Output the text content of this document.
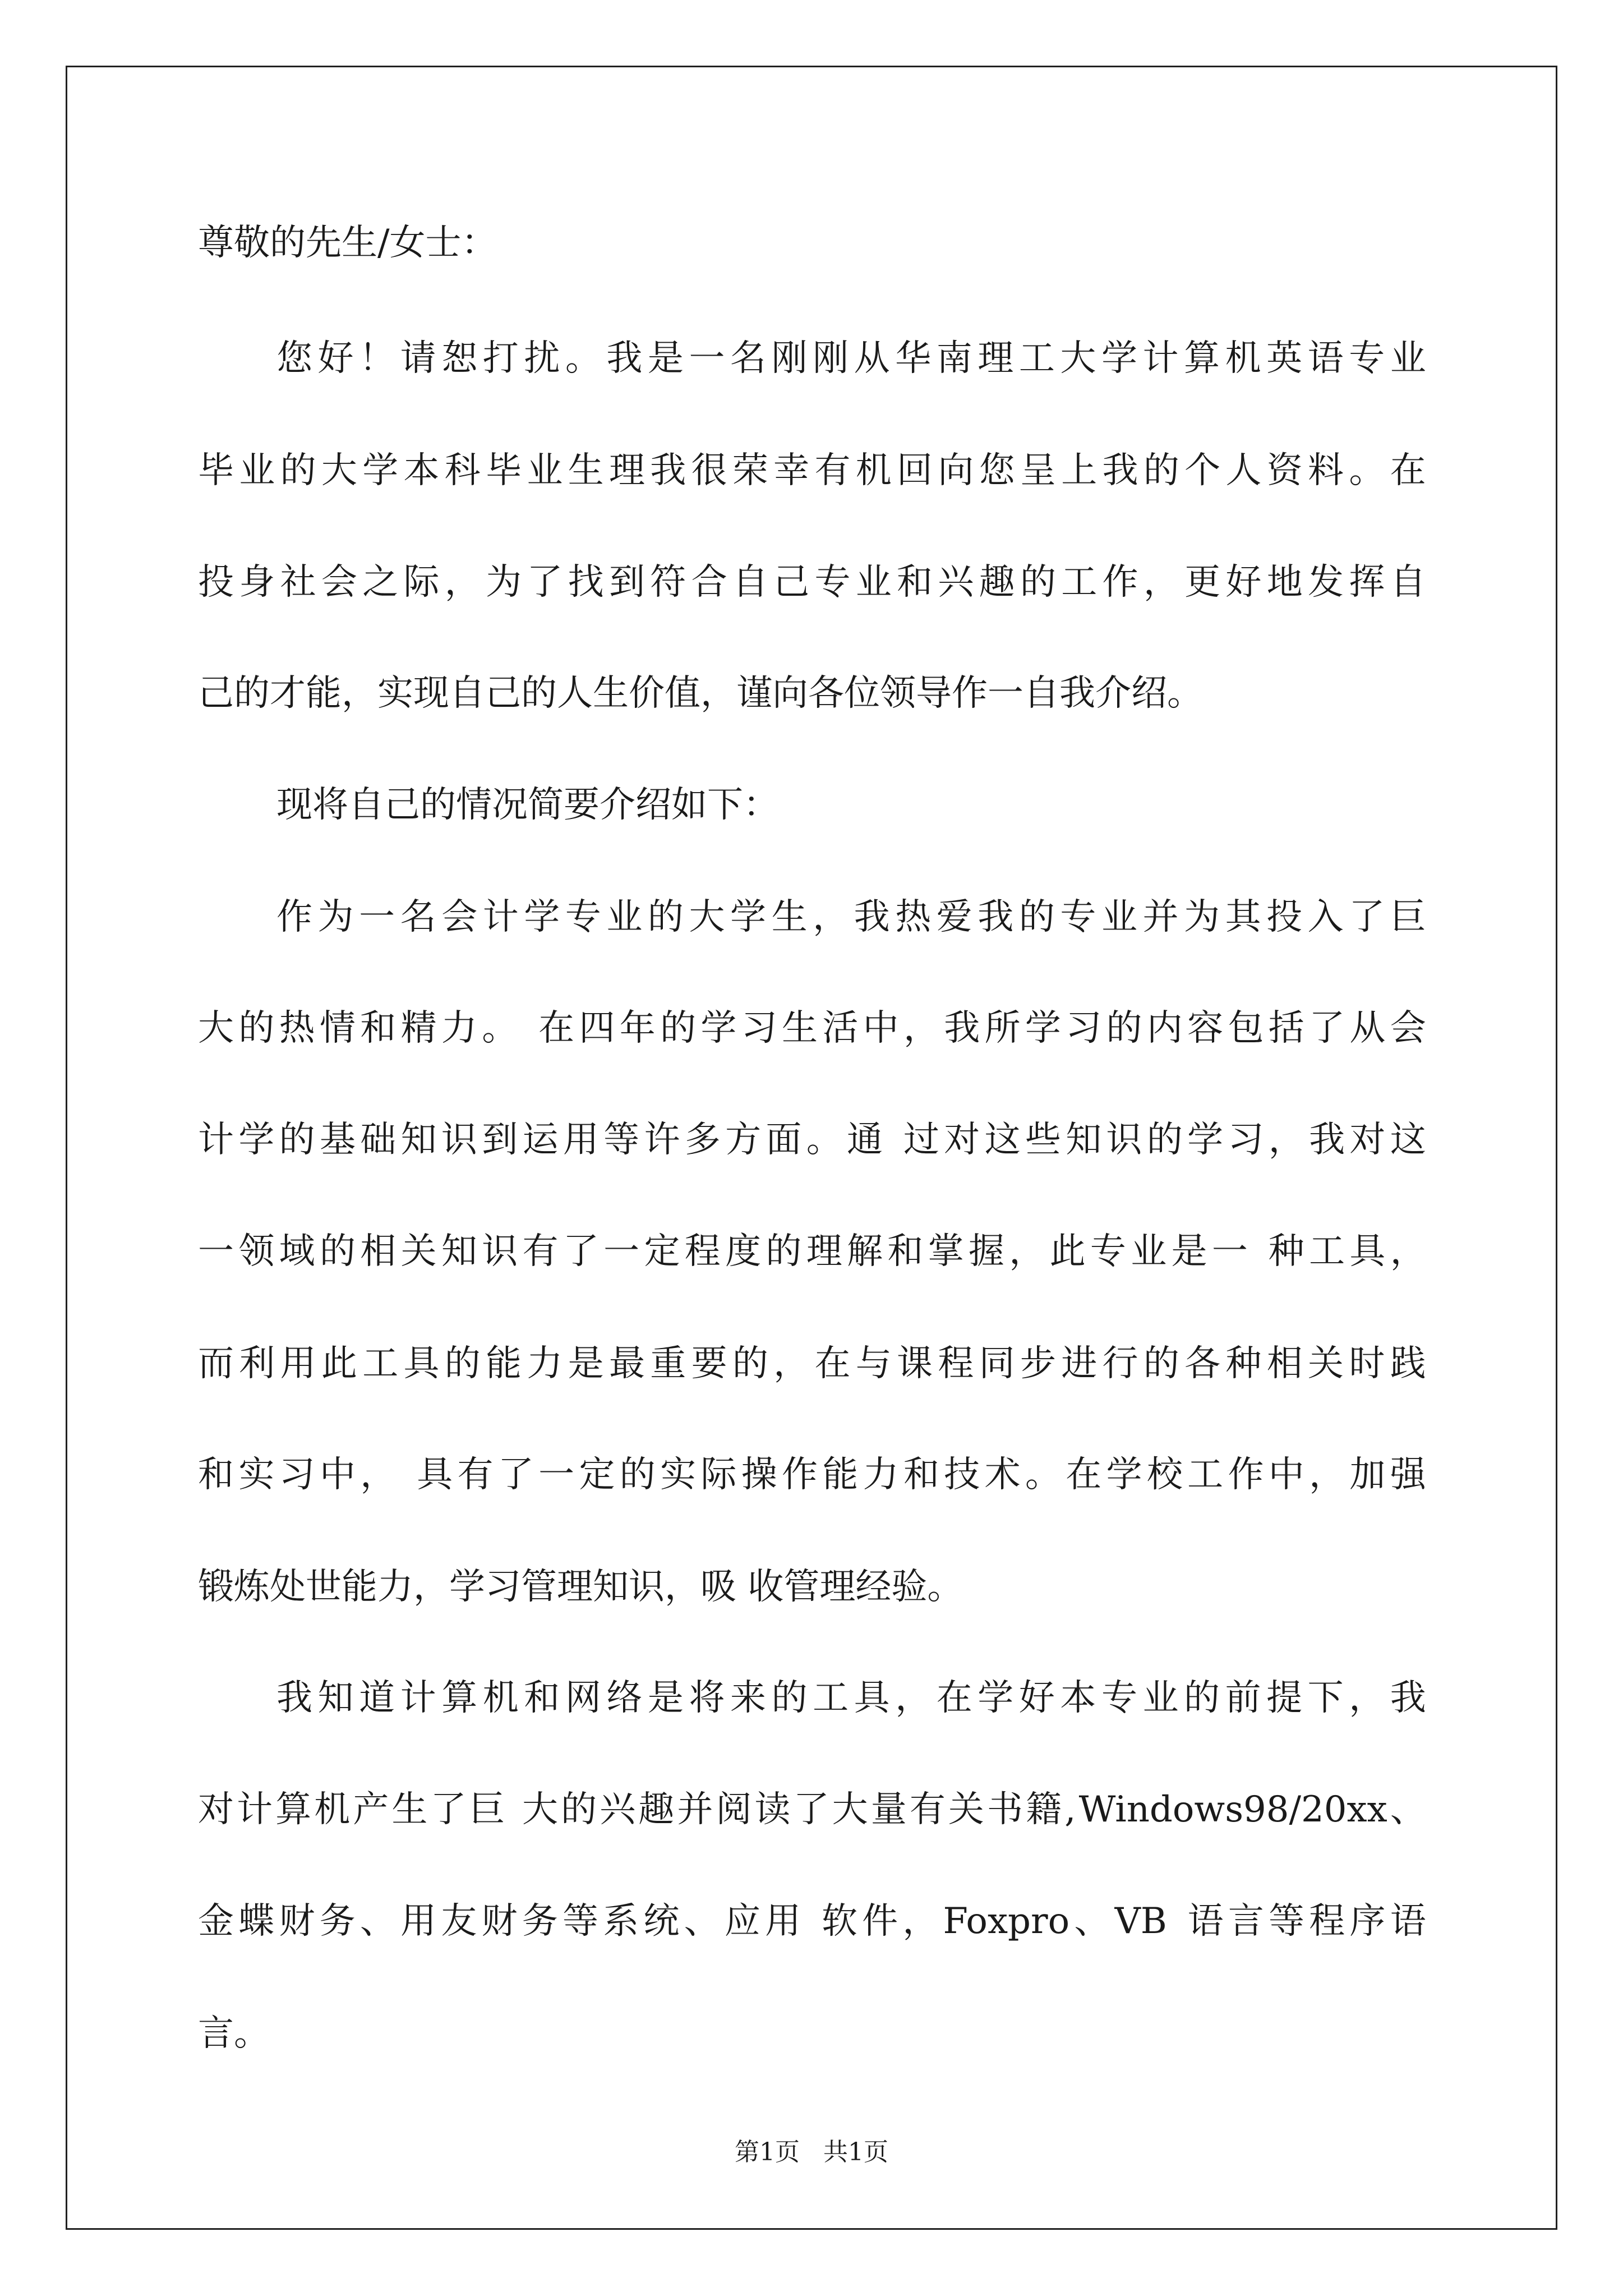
尊敬的先生/女士：
您 好 ！ 请 恕 打 扰 。 我 是 一 名 刚 刚 从 华 南 理 工 大 学 计 算 机 英 语 专 业
毕 业 的 大 学 本 科 毕 业 生 理 我 很 荣 幸 有 机 回 向 您 呈 上 我 的 个 人 资 料 。 在
投 身 社 会 之 际 ， 为 了 找 到 符 合 自 己 专 业 和 兴 趣 的 工 作 ， 更 好 地 发 挥 自
己的才能，实现自己的人生价值，谨向各位领导作一自我介绍。
现将自己的情况简要介绍如下：
作 为 一 名 会 计 学 专 业 的 大 学 生 ， 我 热 爱 我 的 专 业 并 为 其 投 入 了 巨
大 的 热 情 和 精 力 。
在 四 年 的 学 习 生 活 中 ， 我 所 学 习 的 内 容 包 括 了 从 会
计 学 的 基 础 知 识 到 运 用 等 许 多 方 面 。 通
过 对 这 些 知 识 的 学 习 ， 我 对 这
一 领 域 的 相 关 知 识 有 了 一 定 程 度 的 理 解 和 掌 握 ， 此 专 业 是 一
种 工 具 ，
而 利 用 此 工 具 的 能 力 是 最 重 要 的 ， 在 与 课 程 同 步 进 行 的 各 种 相 关 时 践
和 实 习 中 ，
具 有 了 一 定 的 实 际 操 作 能 力 和 技 术 。 在 学 校 工 作 中 ， 加 强
锻炼处世能力，学习管理知识，吸 收管理经验。
我 知 道 计 算 机 和 网 络 是 将 来 的 工 具 ， 在 学 好 本 专 业 的 前 提 下 ， 我
对 计 算 机 产 生 了 巨
大 的 兴 趣 并 阅 读 了 大 量 有 关 书 籍 , Windows98/20xx 、
金 蝶 财 务 、 用 友 财 务 等 系 统 、 应 用
软 件 ， Foxpro 、 VB
语 言 等 程 序 语
言。
第1页   共1页
